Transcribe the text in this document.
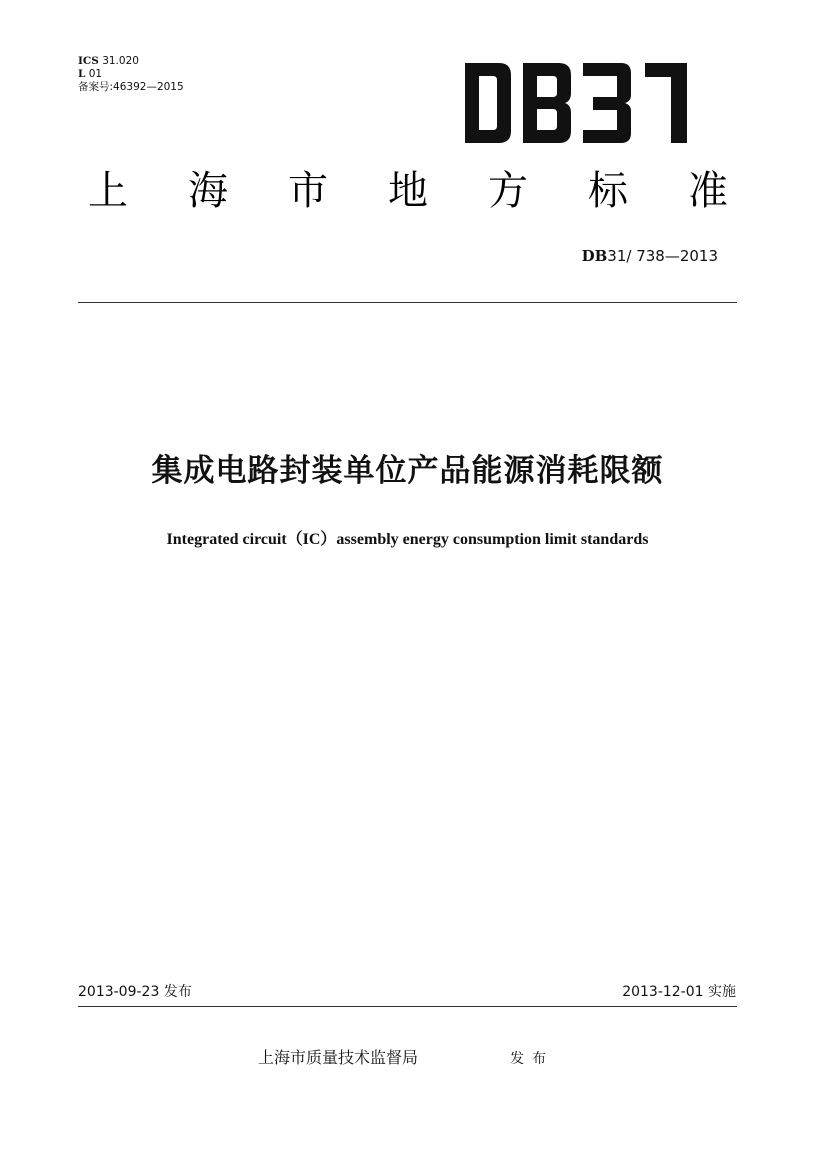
ICS 31.020
L 01
备案号:46392—2015
上 海 市 地 方 标 准
DB31/ 738—2013
集成电路封装单位产品能源消耗限额
Integrated circuit（IC）assembly energy consumption limit standards
2013-09-23 发布	2013-12-01 实施
上海市质量技术监督局	发布
